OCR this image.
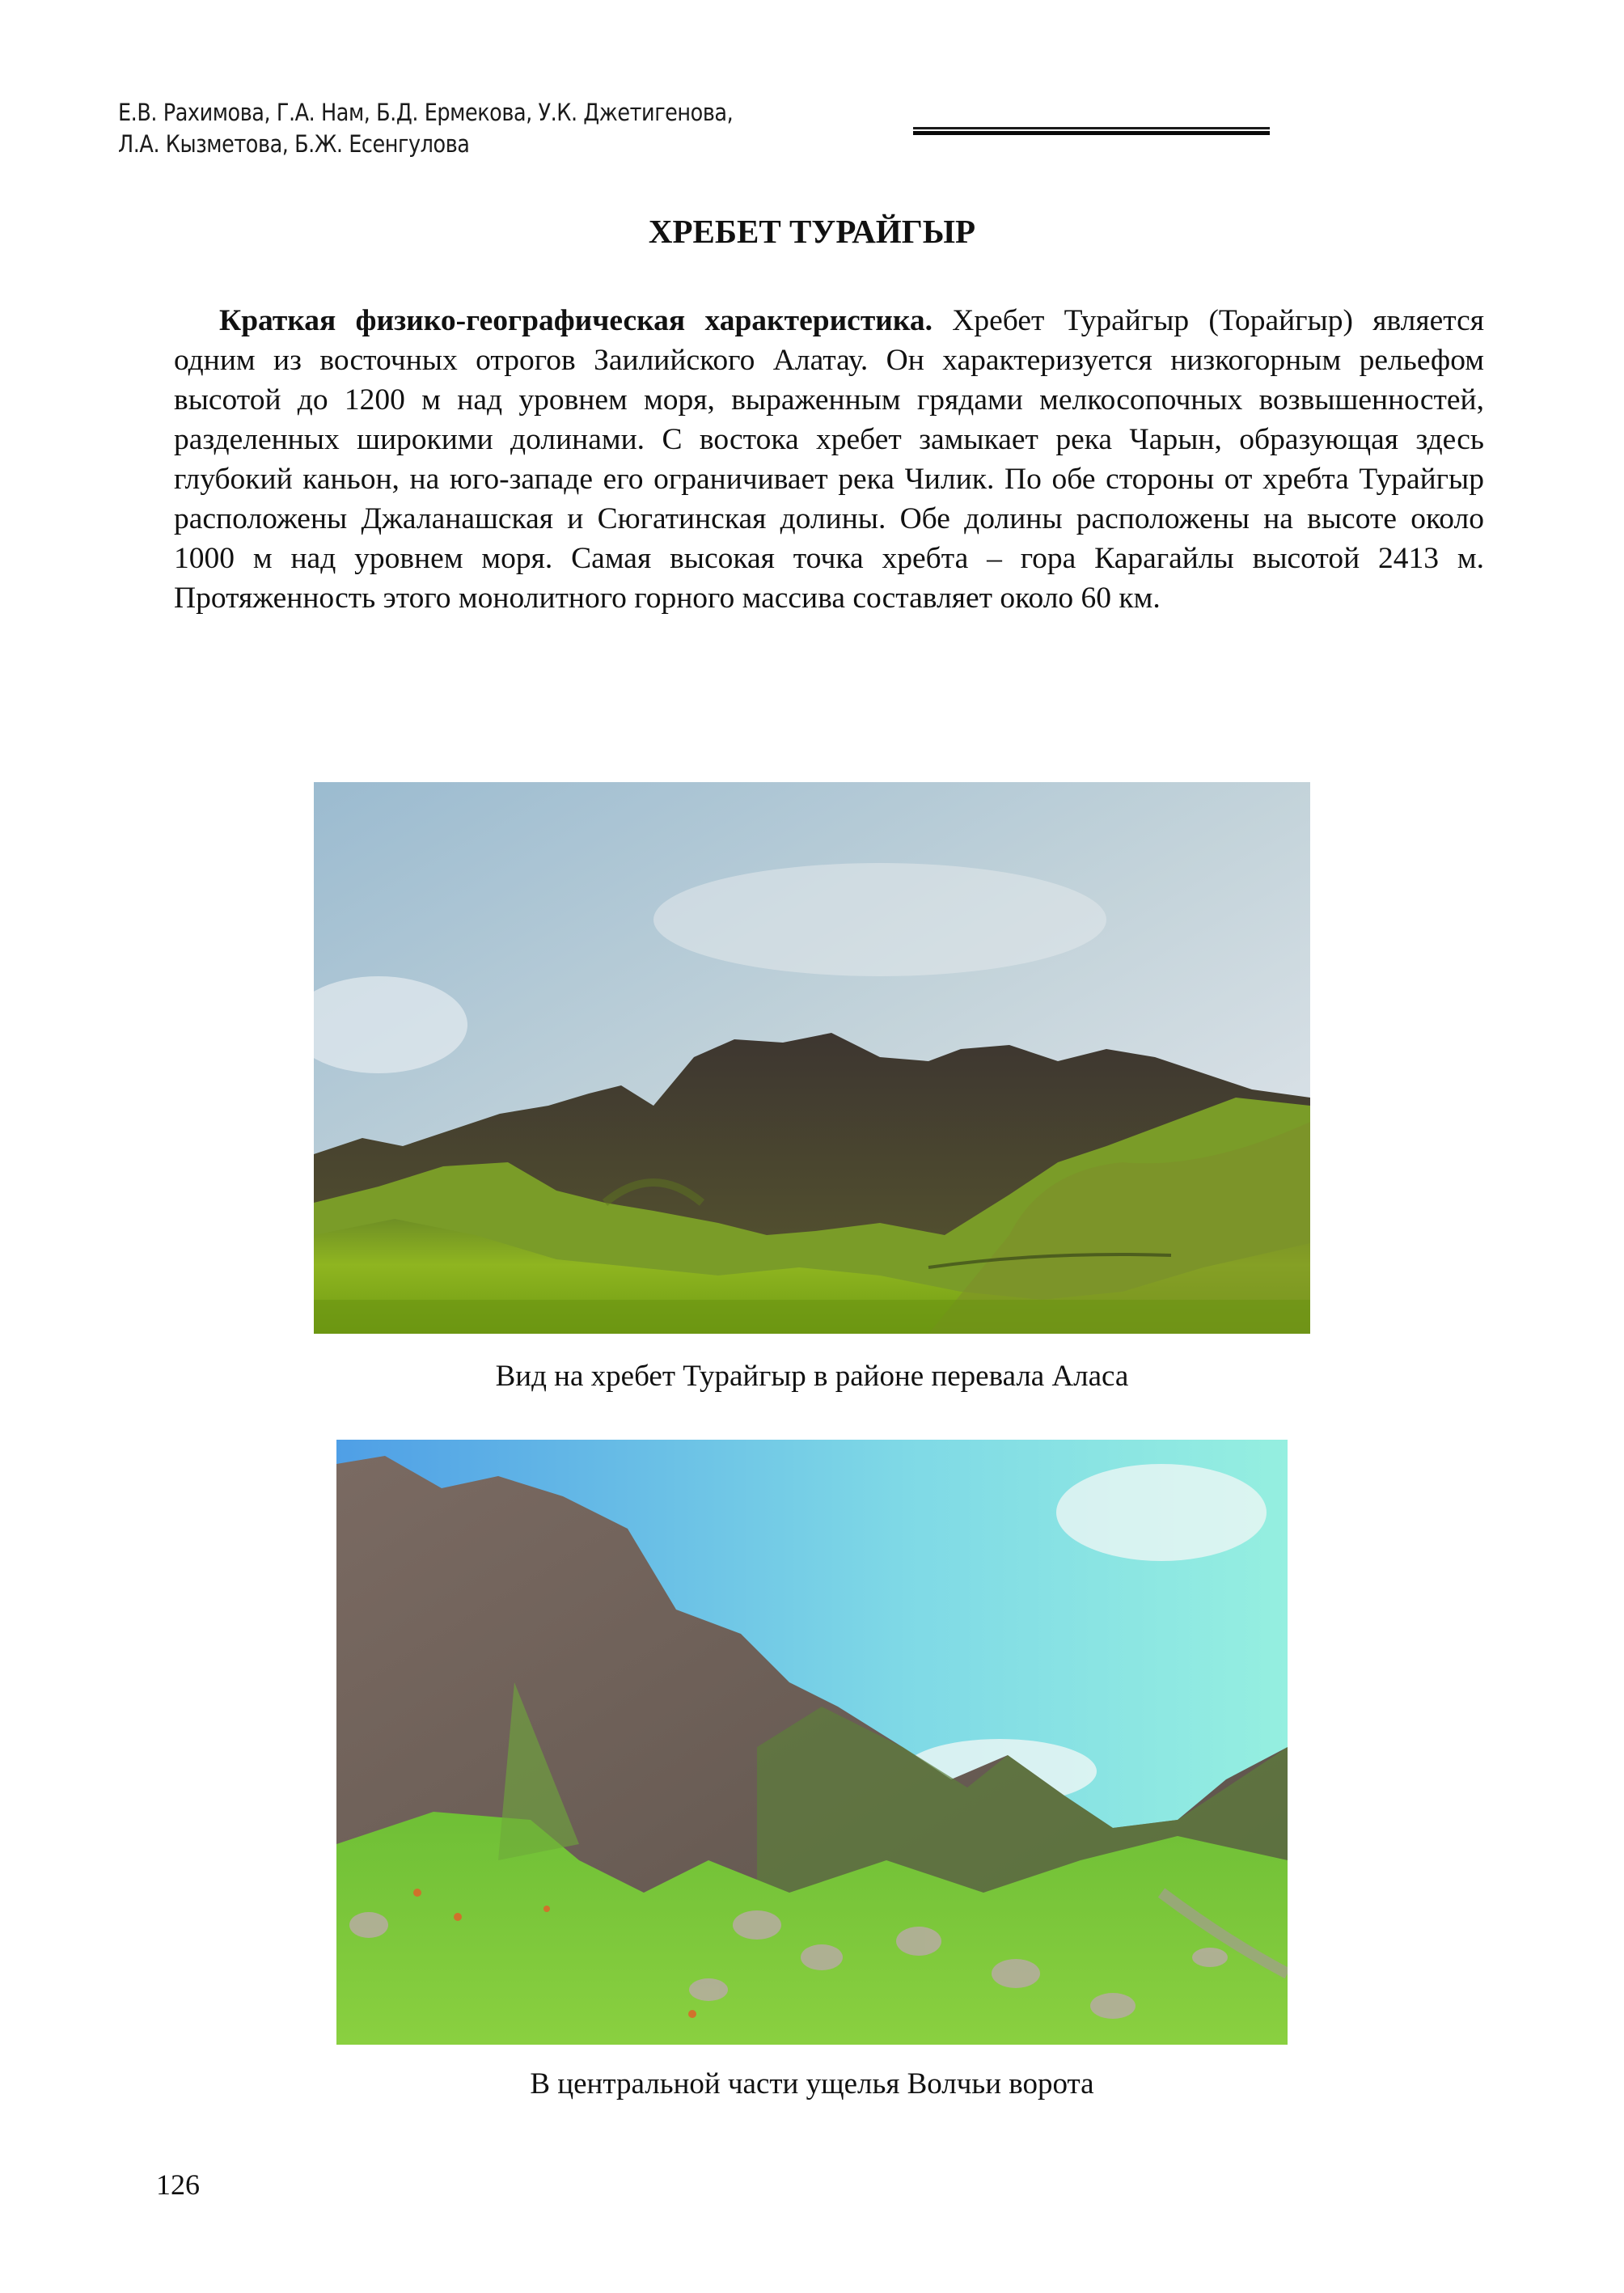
Е.В. Рахимова, Г.А. Нам, Б.Д. Ермекова, У.К. Джетигенова,
Л.А. Кызметова, Б.Ж. Есенгулова
ХРЕБЕТ ТУРАЙГЫР

Краткая физико-географическая характеристика. Хребет Турайгыр (Торайгыр) является одним из восточных отрогов Заилийского Алатау. Он характеризуется низкогорным рельефом высотой до 1200 м над уровнем моря, выраженным грядами мелкосопочных возвышенностей, разделенных широкими долинами. С востока хребет замыкает река Чарын, образующая здесь глубокий каньон, на юго-западе его ограничивает река Чилик. По обе стороны от хребта Турайгыр расположены Джаланашская и Сюгатинская долины. Обе долины расположены на высоте около 1000 м над уровнем моря. Самая высокая точка хребта – гора Карагайлы высотой 2413 м. Протяженность этого монолитного горного массива составляет около 60 км.

Вид на хребет Турайгыр в районе перевала Аласа
В центральной части ущелья Волчьи ворота
126
